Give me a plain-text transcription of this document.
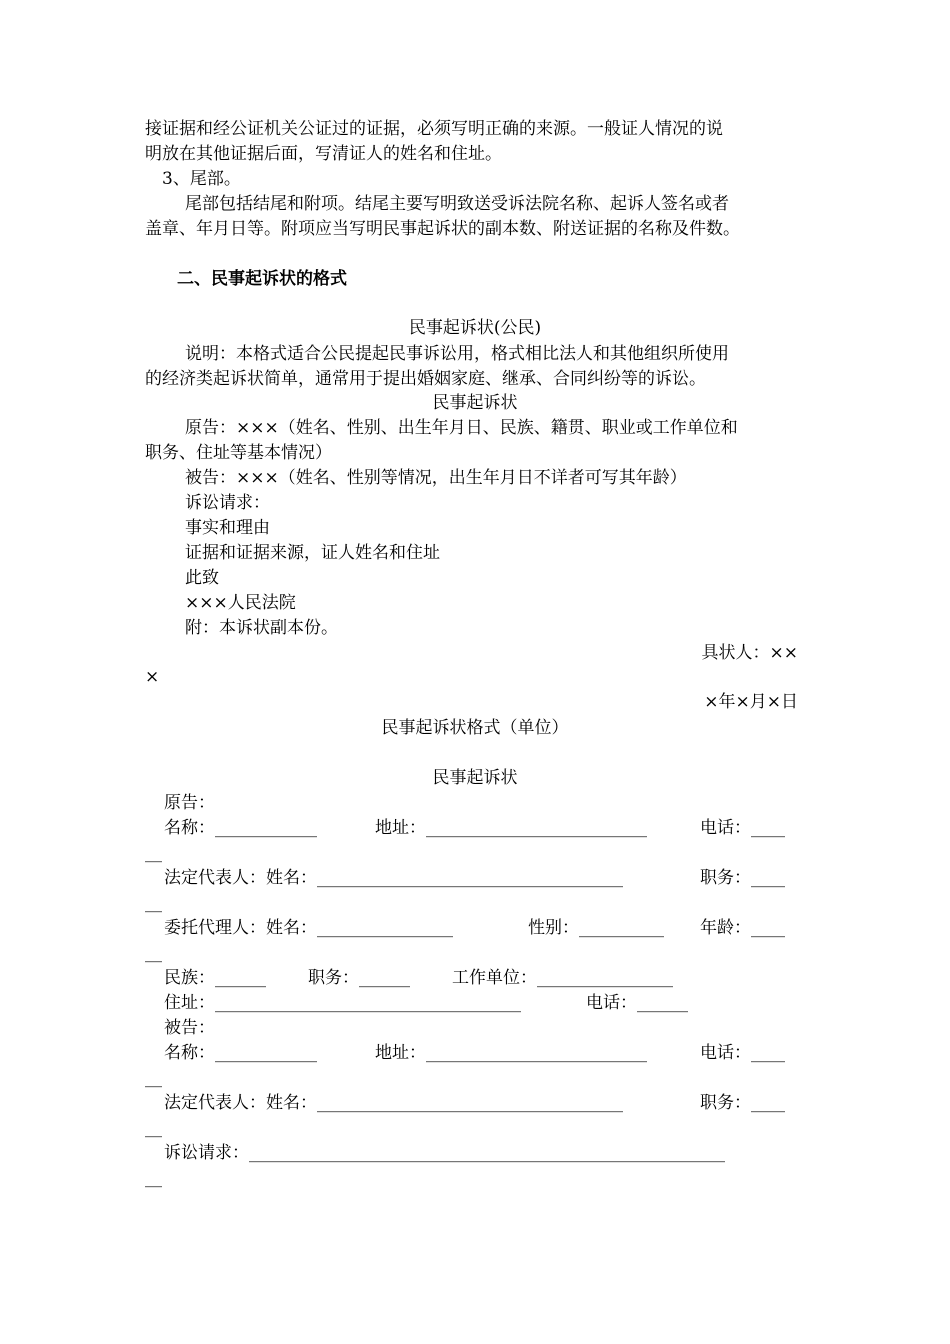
接证据和经公证机关公证过的证据，必须写明正确的来源。一般证人情况的说
明放在其他证据后面，写清证人的姓名和住址。
3、尾部。
尾部包括结尾和附项。结尾主要写明致送受诉法院名称、起诉人签名或者
盖章、年月日等。附项应当写明民事起诉状的副本数、附送证据的名称及件数。
二、民事起诉状的格式
民事起诉状(公民)
说明：本格式适合公民提起民事诉讼用，格式相比法人和其他组织所使用
的经济类起诉状简单，通常用于提出婚姻家庭、继承、合同纠纷等的诉讼。
民事起诉状
原告：×××（姓名、性别、出生年月日、民族、籍贯、职业或工作单位和
职务、住址等基本情况）
被告：×××（姓名、性别等情况，出生年月日不详者可写其年龄）
诉讼请求：
事实和理由
证据和证据来源，证人姓名和住址
此致
×××人民法院
附：本诉状副本份。
具状人：××
×
×年×月×日
民事起诉状格式（单位）
民事起诉状
原告：
名称：____________	地址：__________________________	电话：____
__
法定代表人：姓名：____________________________________	职务：____
__
委托代理人：姓名：________________	性别：__________ 年龄：____
__
民族：______ 职务：______ 工作单位：________________
住址：____________________________________	电话：______
被告：
名称：____________	地址：__________________________	电话：____
__
法定代表人：姓名：____________________________________	职务：____
__
诉讼请求：________________________________________________________
__
